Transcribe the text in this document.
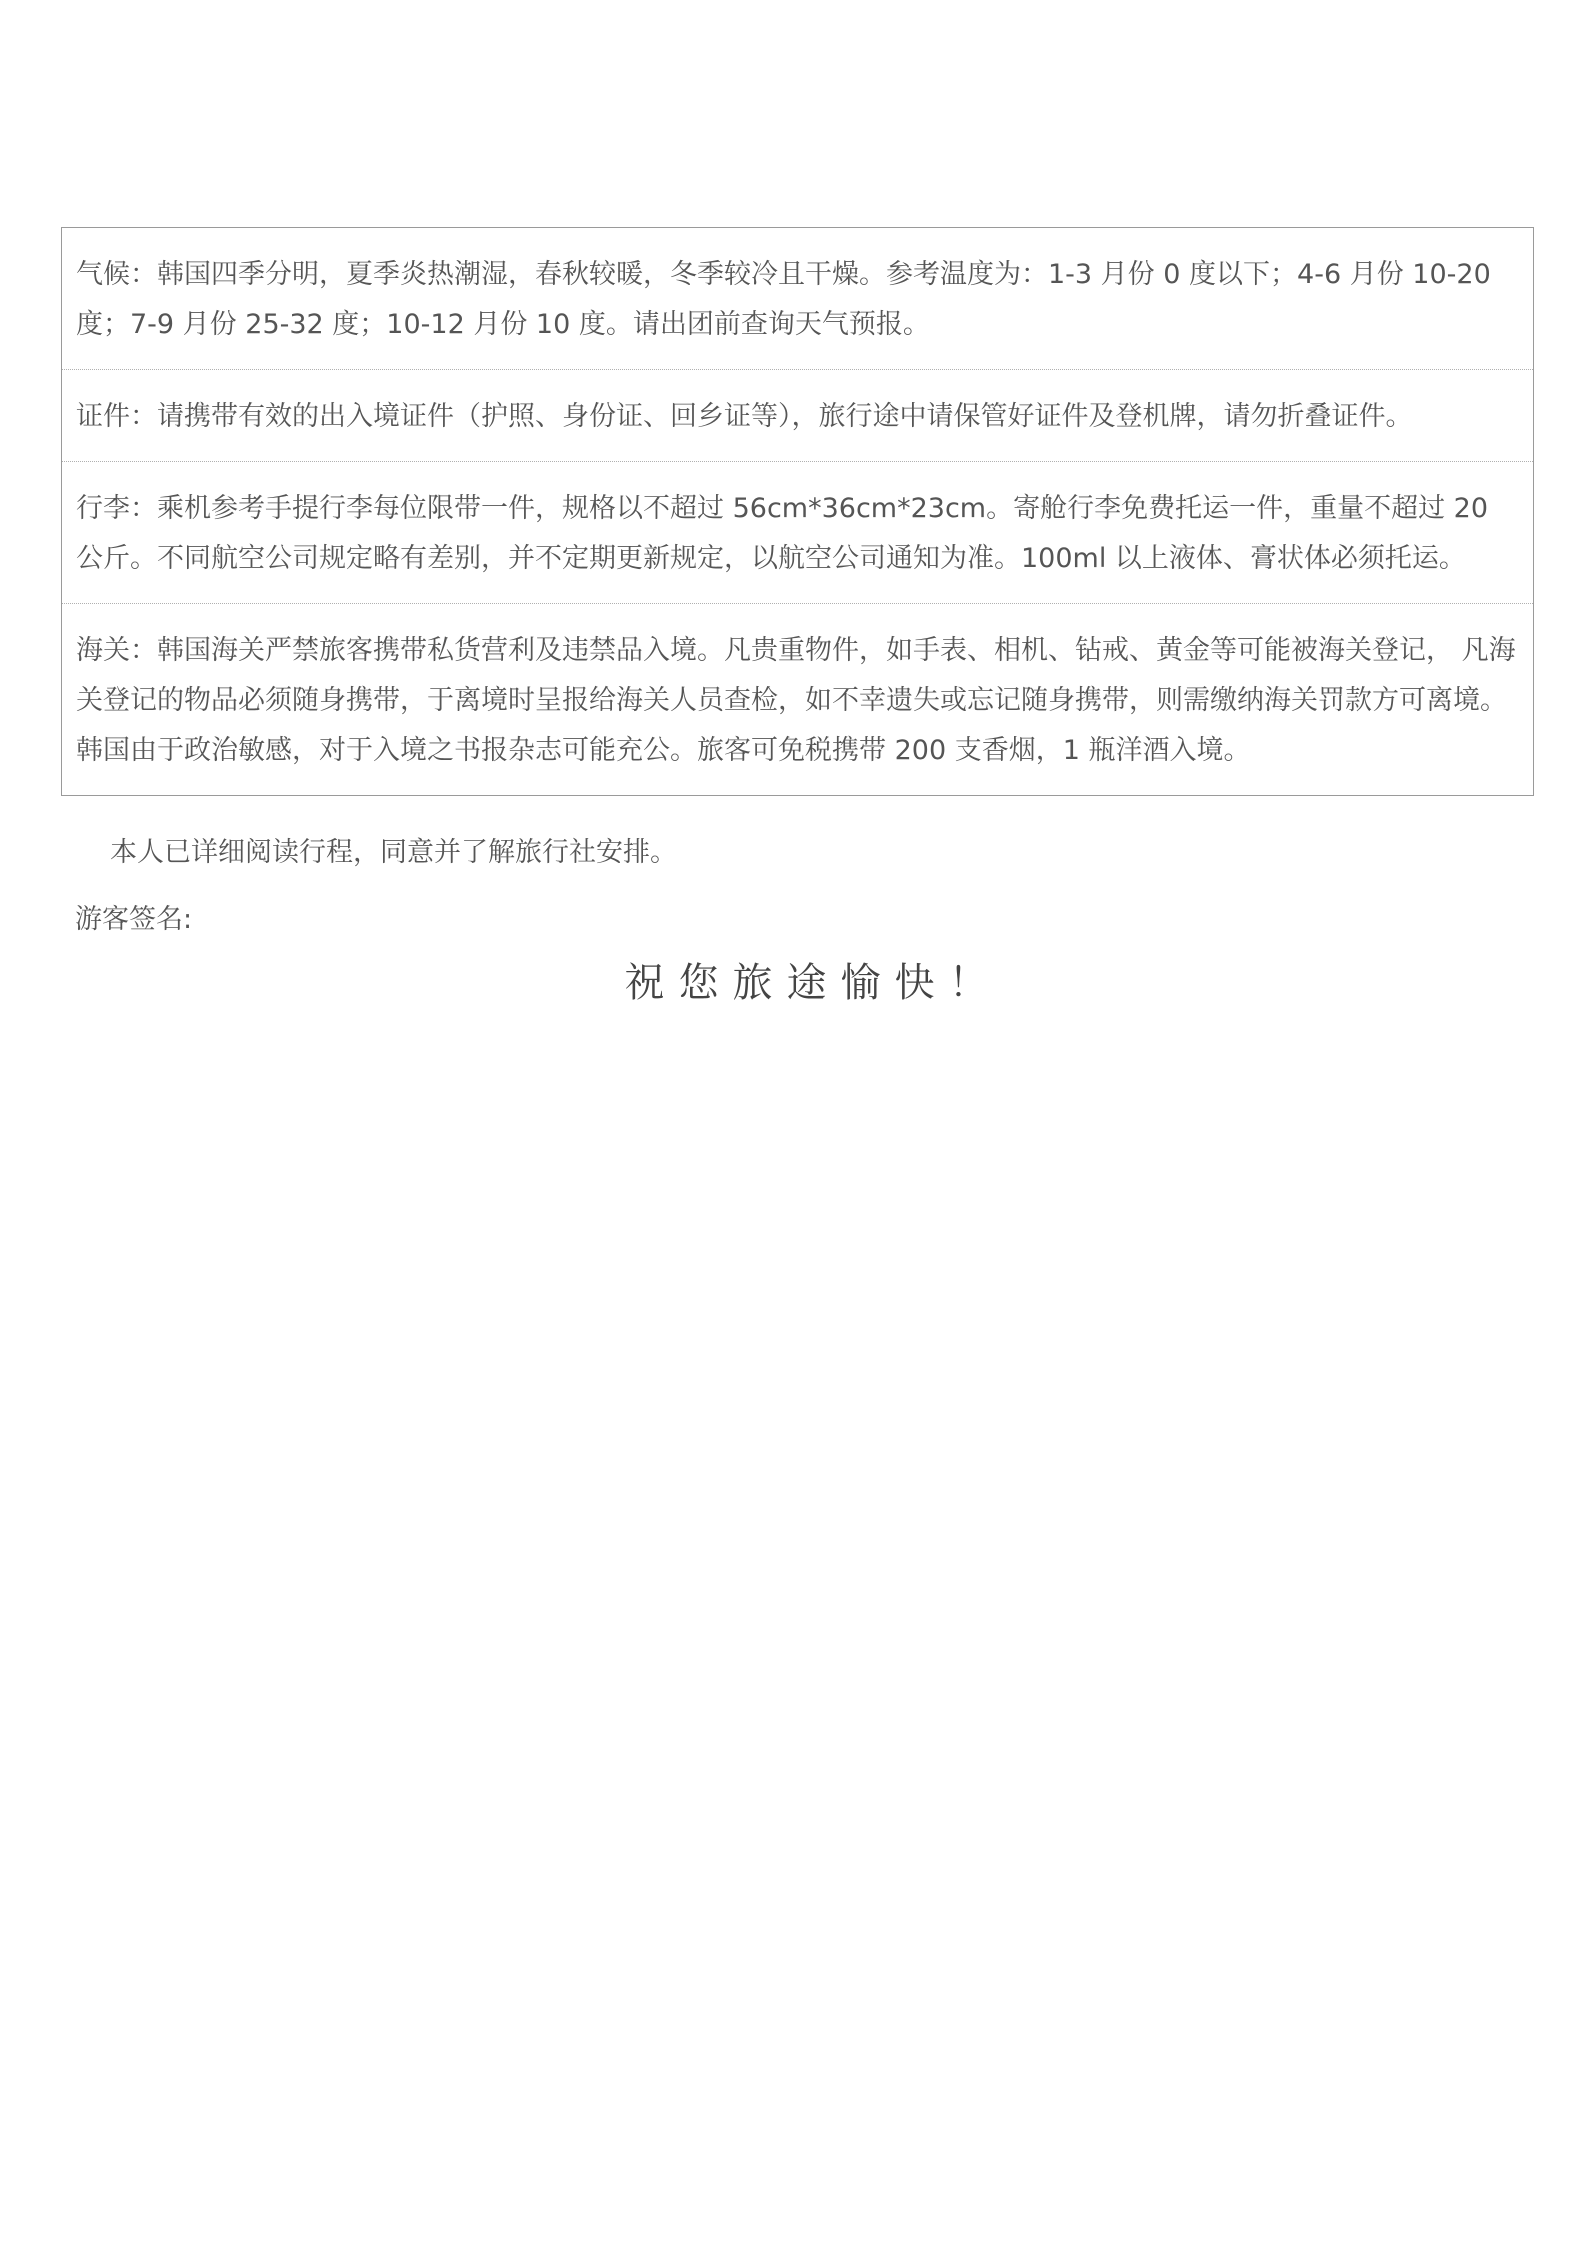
气候：韩国四季分明，夏季炎热潮湿，春秋较暖，冬季较冷且干燥。参考温度为：1-3 月份 0 度以下；4-6 月份 10-20度；7-9 月份 25-32 度；10-12 月份 10 度。请出团前查询天气预报。
证件：请携带有效的出入境证件（护照、身份证、回乡证等），旅行途中请保管好证件及登机牌，请勿折叠证件。
行李：乘机参考手提行李每位限带一件，规格以不超过 56cm*36cm*23cm。寄舱行李免费托运一件，重量不超过 20 公斤。不同航空公司规定略有差别，并不定期更新规定，以航空公司通知为准。100ml 以上液体、膏状体必须托运。
海关：韩国海关严禁旅客携带私货营利及违禁品入境。凡贵重物件，如手表、相机、钻戒、黄金等可能被海关登记， 凡海关登记的物品必须随身携带，于离境时呈报给海关人员查检，如不幸遗失或忘记随身携带，则需缴纳海关罚款方可离境。韩国由于政治敏感，对于入境之书报杂志可能充公。旅客可免税携带 200 支香烟，1 瓶洋酒入境。

本人已详细阅读行程，同意并了解旅行社安排。

游客签名:

祝您旅途愉快！
